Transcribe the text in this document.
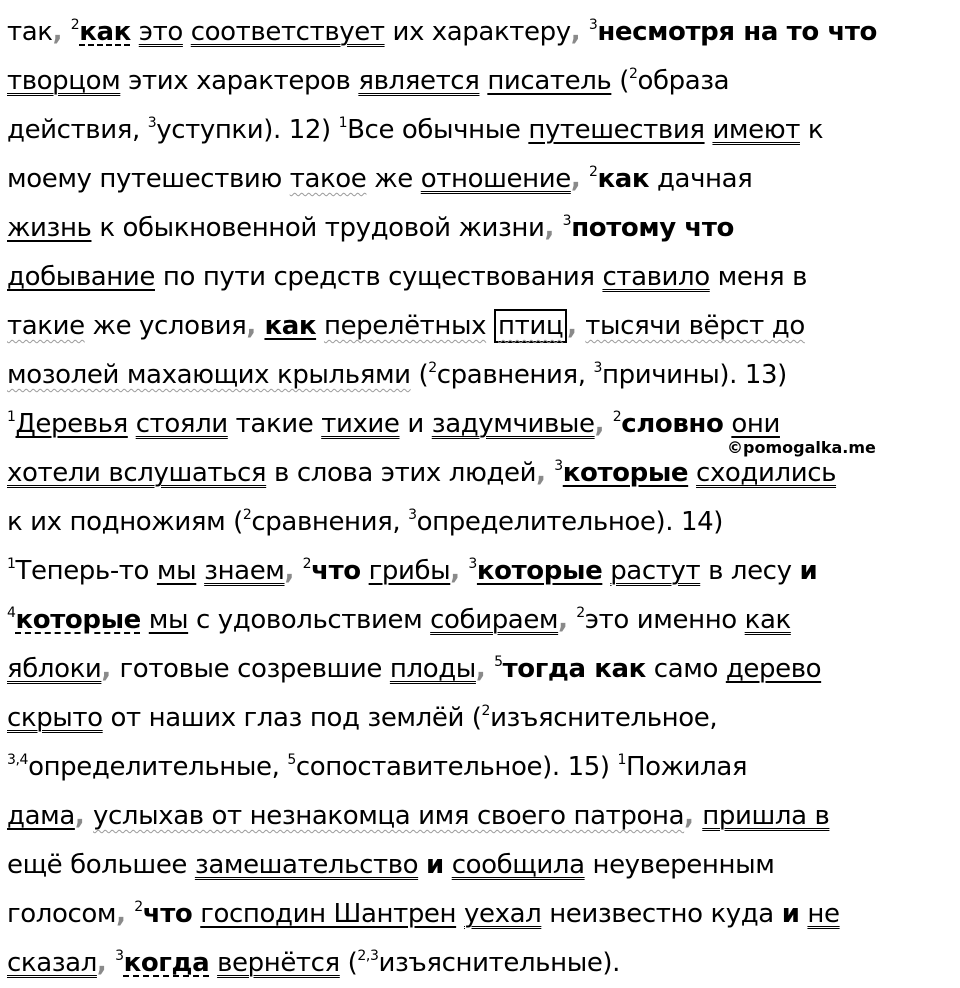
так, $^2$как это соответствует их характеру, $^3$несмотря на то что
творцом этих характеров является писатель ($^2$образа
действия, $^3$уступки). 12) $^1$Все обычные путешествия имеют к
моему путешествию такое же отношение, $^2$как дачная
жизнь к обыкновенной трудовой жизни, $^3$потому что
добывание по пути средств существования ставило меня в
такие же условия, как перелётных птиц , тысячи вёрст до
мозолей махающих крыльями ($^2$сравнения, $^3$причины). 13)
$^1$Деревья стояли такие тихие и задумчивые, $^2$словно они
хотели вслушаться в слова этих людей, $^3$которые сходились
к их подножиям ($^2$сравнения, $^3$определительное). 14)
$^1$Теперь-то мы знаем, $^2$что грибы, $^3$которые растут в лесу и
$^4$которые мы с удовольствием собираем, $^2$это именно как
яблоки, готовые созревшие плоды, $^5$тогда как само дерево
скрыто от наших глаз под землёй ($^2$изъяснительное,
$^{3,4}$определительные, $^5$сопоставительное). 15) $^1$Пожилая
дама, услыхав от незнакомца имя своего патрона, пришла в
ещё большее замешательство и сообщила неуверенным
голосом, $^2$что господин Шантрен уехал неизвестно куда и не
сказал, $^3$когда вернётся ($^{2,3}$изъяснительные).
©pomogalka.me
